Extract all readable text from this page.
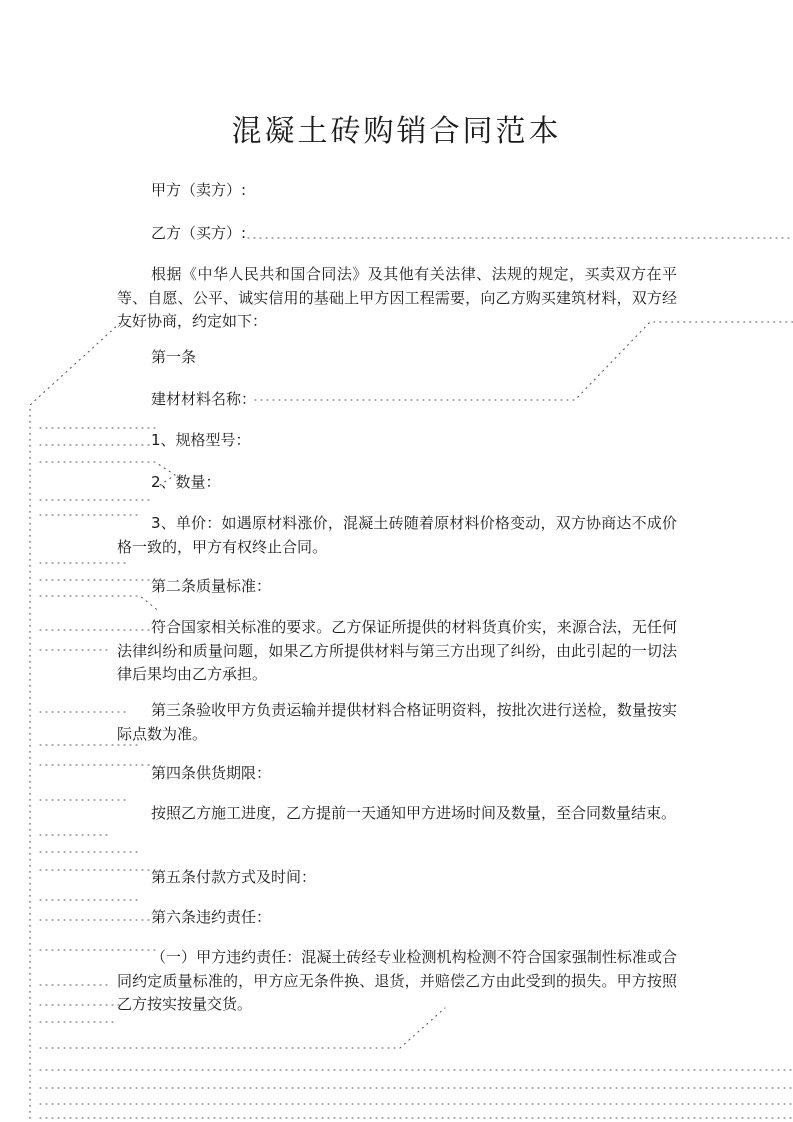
混凝土砖购销合同范本
甲方（卖方）:
乙方（买方）:
根据《中华人民共和国合同法》及其他有关法律、法规的规定，买卖双方在平等、自愿、公平、诚实信用的基础上甲方因工程需要，向乙方购买建筑材料，双方经友好协商，约定如下：
第一条
建材材料名称：
1、规格型号：
2、数量：
3、单价：如遇原材料涨价，混凝土砖随着原材料价格变动，双方协商达不成价格一致的，甲方有权终止合同。
第二条质量标准：
符合国家相关标准的要求。乙方保证所提供的材料货真价实，来源合法，无任何法律纠纷和质量问题，如果乙方所提供材料与第三方出现了纠纷，由此引起的一切法律后果均由乙方承担。
第三条验收甲方负责运输并提供材料合格证明资料，按批次进行送检，数量按实际点数为准。
第四条供货期限：
按照乙方施工进度，乙方提前一天通知甲方进场时间及数量，至合同数量结束。
第五条付款方式及时间：
第六条违约责任：
（一）甲方违约责任：混凝土砖经专业检测机构检测不符合国家强制性标准或合同约定质量标准的，甲方应无条件换、退货，并赔偿乙方由此受到的损失。甲方按照乙方按实按量交货。
